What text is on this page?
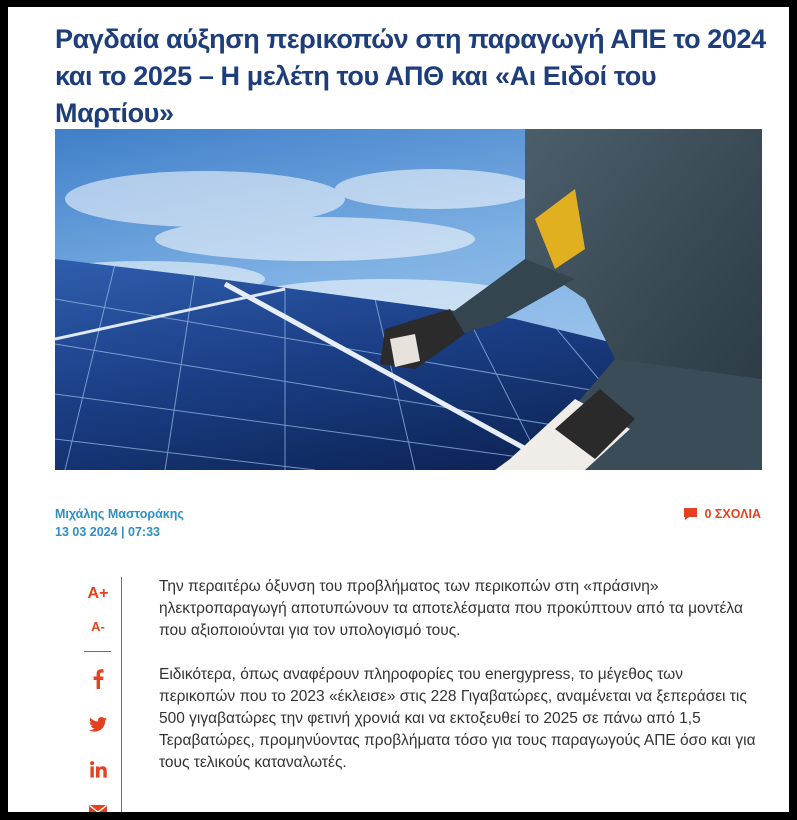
Ραγδαία αύξηση περικοπών στη παραγωγή ΑΠΕ το 2024 και το 2025 – Η μελέτη του ΑΠΘ και «Αι Ειδοί του Μαρτίου»
Μιχάλης Μαστοράκης
13 03 2024 | 07:33
0 ΣΧΟΛΙΑ
A+
A-

Την περαιτέρω όξυνση του προβλήματος των περικοπών στη «πράσινη» ηλεκτροπαραγωγή αποτυπώνουν τα αποτελέσματα που προκύπτουν από τα μοντέλα που αξιοποιούνται για τον υπολογισμό τους.

Ειδικότερα, όπως αναφέρουν πληροφορίες του energypress, το μέγεθος των περικοπών που το 2023 «έκλεισε» στις 228 Γιγαβατώρες, αναμένεται να ξεπεράσει τις 500 γιγαβατώρες την φετινή χρονιά και να εκτοξευθεί το 2025 σε πάνω από 1,5 Τεραβατώρες, προμηνύοντας προβλήματα τόσο για τους παραγωγούς ΑΠΕ όσο και για τους τελικούς καταναλωτές.
